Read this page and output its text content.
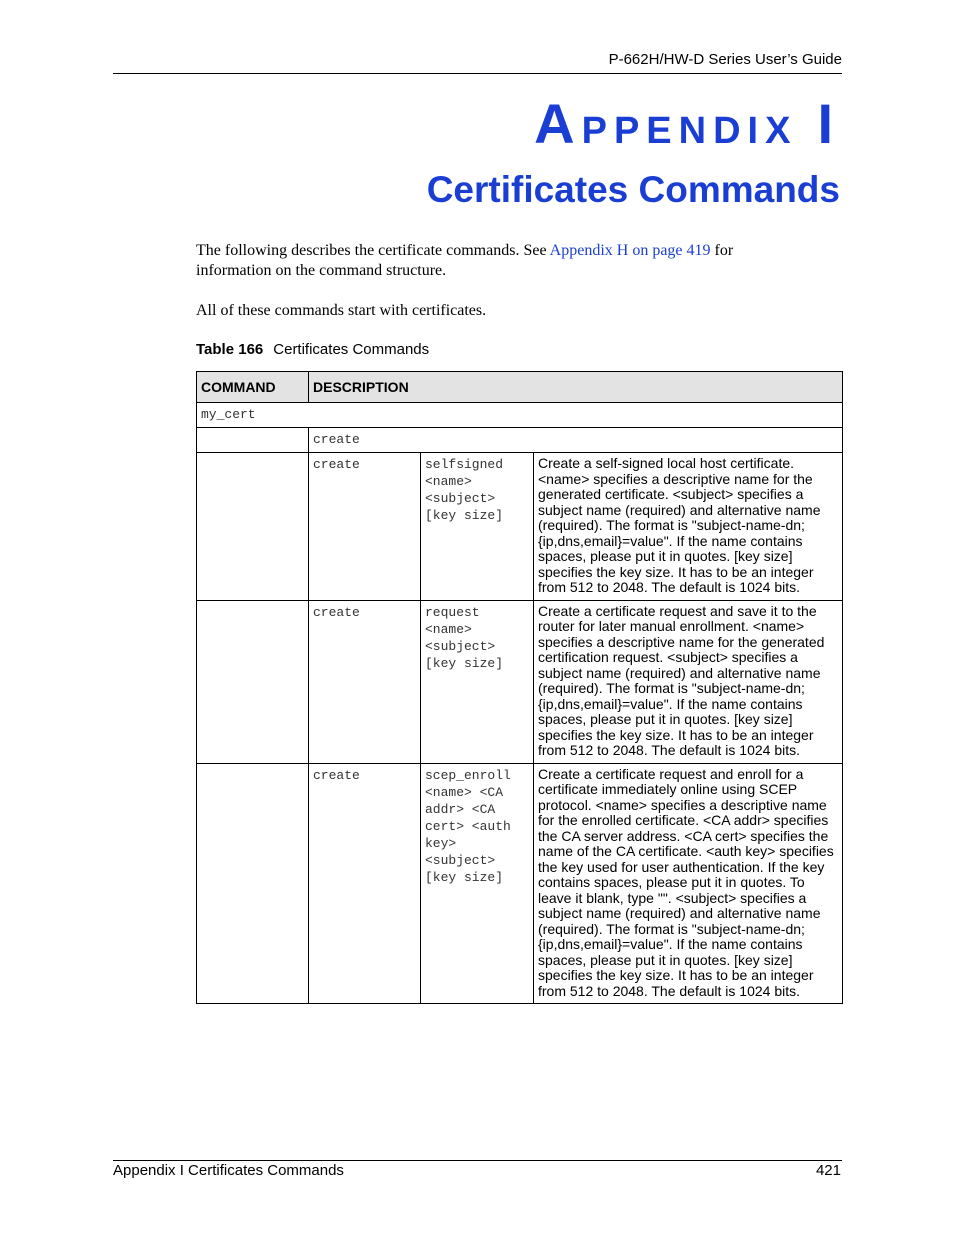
P-662H/HW-D Series User’s Guide
APPENDIX I
Certificates Commands
The following describes the certificate commands. See Appendix H on page 419 for information on the command structure.
All of these commands start with certificates.
Table 166 Certificates Commands
COMMAND	DESCRIPTION		
my_cert			
	create		
	create	selfsigned <name> <subject> [key size]	Create a self-signed local host certificate. <name> specifies a descriptive name for the generated certificate. <subject> specifies a subject name (required) and alternative name (required). The format is "subject-name-dn;{ip,dns,email}=value". If the name contains spaces, please put it in quotes. [key size] specifies the key size. It has to be an integer from 512 to 2048. The default is 1024 bits.
	create	request <name> <subject> [key size]	Create a certificate request and save it to the router for later manual enrollment. <name> specifies a descriptive name for the generated certification request. <subject> specifies a subject name (required) and alternative name (required). The format is "subject-name-dn;{ip,dns,email}=value". If the name contains spaces, please put it in quotes. [key size] specifies the key size. It has to be an integer from 512 to 2048. The default is 1024 bits.
	create	scep_enroll <name> <CA addr> <CA cert> <auth key> <subject> [key size]	Create a certificate request and enroll for a certificate immediately online using SCEP protocol. <name> specifies a descriptive name for the enrolled certificate. <CA addr> specifies the CA server address. <CA cert> specifies the name of the CA certificate. <auth key> specifies the key used for user authentication. If the key contains spaces, please put it in quotes. To leave it blank, type "". <subject> specifies a subject name (required) and alternative name (required). The format is "subject-name-dn;{ip,dns,email}=value". If the name contains spaces, please put it in quotes. [key size] specifies the key size. It has to be an integer from 512 to 2048. The default is 1024 bits.
Appendix I Certificates Commands	421
